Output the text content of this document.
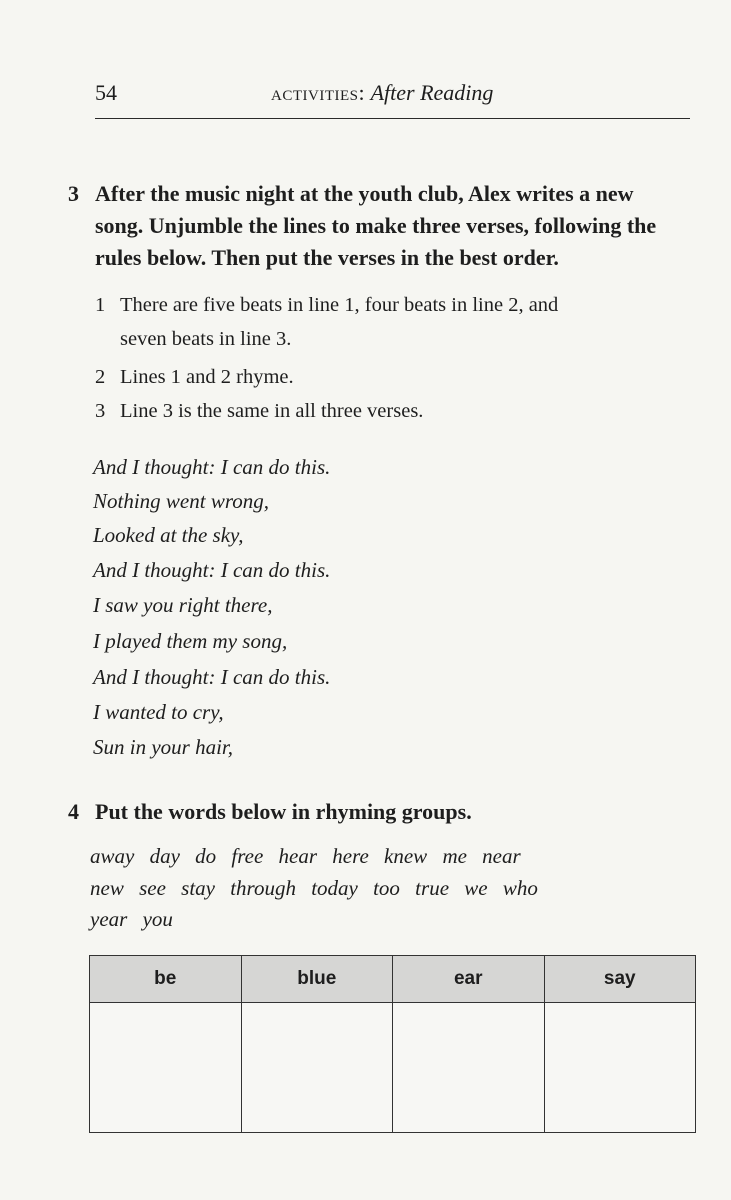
54	activities: After Reading
3 After the music night at the youth club, Alex writes a new
song. Unjumble the lines to make three verses, following the
rules below. Then put the verses in the best order.
1 There are five beats in line 1, four beats in line 2, and
seven beats in line 3.
2 Lines 1 and 2 rhyme.
3 Line 3 is the same in all three verses.
And I thought: I can do this.
Nothing went wrong,
Looked at the sky,
And I thought: I can do this.
I saw you right there,
I played them my song,
And I thought: I can do this.
I wanted to cry,
Sun in your hair,
4 Put the words below in rhyming groups.
away day do free hear here knew me near
new see stay through today too true we who
year you
be	blue	ear	say
